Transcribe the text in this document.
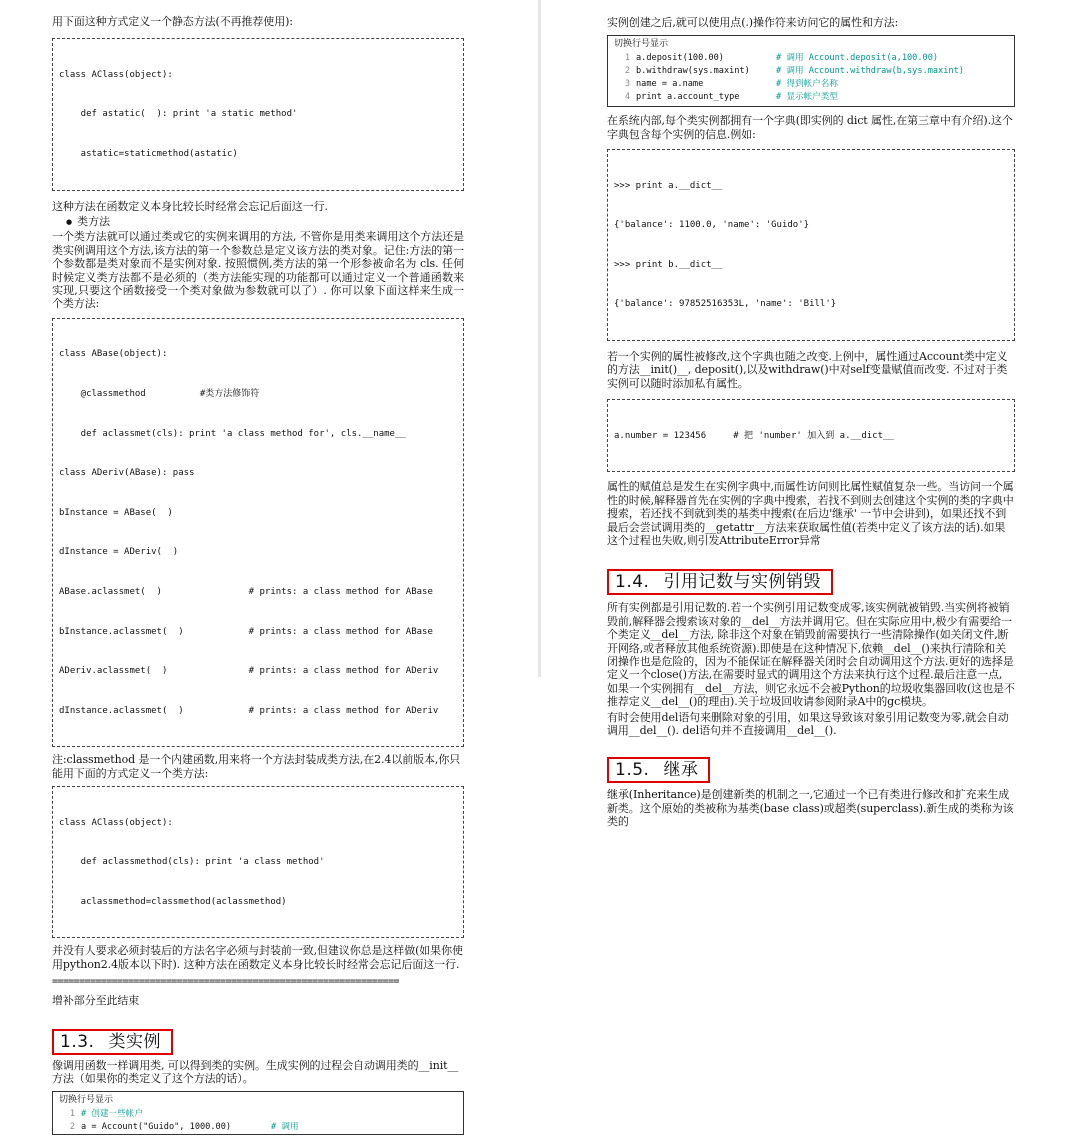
用下面这种方式定义一个静态方法(不再推荐使用):

class AClass(object):

def astatic(  ): print 'a static method'

astatic=staticmethod(astatic)

这种方法在函数定义本身比较长时经常会忘记后面这一行.

● 类方法

一个类方法就可以通过类或它的实例来调用的方法, 不管你是用类来调用这个方法还是类实例调用这个方法,该方法的第一个参数总是定义该方法的类对象。记住:方法的第一个参数都是类对象而不是实例对象. 按照惯例,类方法的第一个形参被命名为 cls. 任何时候定义类方法都不是必须的（类方法能实现的功能都可以通过定义一个普通函数来实现,只要这个函数接受一个类对象做为参数就可以了）. 你可以象下面这样来生成一个类方法:

class ABase(object):

@classmethod          #类方法修饰符

def aclassmet(cls): print 'a class method for', cls.__name__

class ADeriv(ABase): pass

bInstance = ABase(  )

dInstance = ADeriv(  )

ABase.aclassmet(  )                # prints: a class method for ABase

bInstance.aclassmet(  )            # prints: a class method for ABase

ADeriv.aclassmet(  )               # prints: a class method for ADeriv

dInstance.aclassmet(  )            # prints: a class method for ADeriv

注:classmethod 是一个内建函数,用来将一个方法封装成类方法,在2.4以前版本,你只能用下面的方式定义一个类方法:

class AClass(object):

def aclassmethod(cls): print 'a class method'

aclassmethod=classmethod(aclassmethod)

并没有人要求必须封装后的方法名字必须与封装前一致,但建议你总是这样做(如果你使用python2.4版本以下时). 这种方法在函数定义本身比较长时经常会忘记后面这一行.

================================================================

增补部分至此结束

1.3. 类实例

像调用函数一样调用类, 可以得到类的实例。生成实例的过程会自动调用类的__init__方法（如果你的类定义了这个方法的话）。

切换行号显示
1 # 创建一些帐户
2 a = Account("Guido", 1000.00)	# 调用

实例创建之后,就可以使用点(.)操作符来访问它的属性和方法:

切换行号显示
1 a.deposit(100.00)	# 调用 Account.deposit(a,100.00)
2 b.withdraw(sys.maxint)	# 调用 Account.withdraw(b,sys.maxint)
3 name = a.name	# 得到帐户名称
4 print a.account_type	# 显示帐户类型

在系统内部,每个类实例都拥有一个字典(即实例的 dict 属性,在第三章中有介绍).这个字典包含每个实例的信息.例如:

>>> print a.__dict__

{'balance': 1100.0, 'name': 'Guido'}

>>> print b.__dict__

{'balance': 97852516353L, 'name': 'Bill'}

若一个实例的属性被修改,这个字典也随之改变.上例中，属性通过Account类中定义的方法__init()__, deposit(),以及withdraw()中对self变量赋值而改变. 不过对于类实例可以随时添加私有属性。

a.number = 123456     # 把 'number' 加入到 a.__dict__

属性的赋值总是发生在实例字典中,而属性访问则比属性赋值复杂一些。当访问一个属性的时候,解释器首先在实例的字典中搜索，若找不到则去创建这个实例的类的字典中搜索，若还找不到就到类的基类中搜索(在后边'继承' 一节中会讲到)，如果还找不到最后会尝试调用类的__getattr__方法来获取属性值(若类中定义了该方法的话).如果这个过程也失败,则引发AttributeError异常

1.4. 引用记数与实例销毁

所有实例都是引用记数的.若一个实例引用记数变成零,该实例就被销毁.当实例将被销毁前,解释器会搜索该对象的__del__方法并调用它。但在实际应用中,极少有需要给一个类定义__del__方法, 除非这个对象在销毁前需要执行一些清除操作(如关闭文件,断开网络,或者释放其他系统资源).即使是在这种情况下,依赖__del__()来执行清除和关闭操作也是危险的，因为不能保证在解释器关闭时会自动调用这个方法.更好的选择是定义一个close()方法,在需要时显式的调用这个方法来执行这个过程.最后注意一点, 如果一个实例拥有__del__方法，则它永远不会被Python的垃圾收集器回收(这也是不推荐定义__del__()的理由).关于垃圾回收请参阅附录A中的gc模块。

有时会使用del语句来删除对象的引用，如果这导致该对象引用记数变为零,就会自动调用__del__(). del语句并不直接调用__del__().

1.5. 继承

继承(Inheritance)是创建新类的机制之一,它通过一个已有类进行修改和扩充来生成新类。这个原始的类被称为基类(base class)或超类(superclass).新生成的类称为该类的
